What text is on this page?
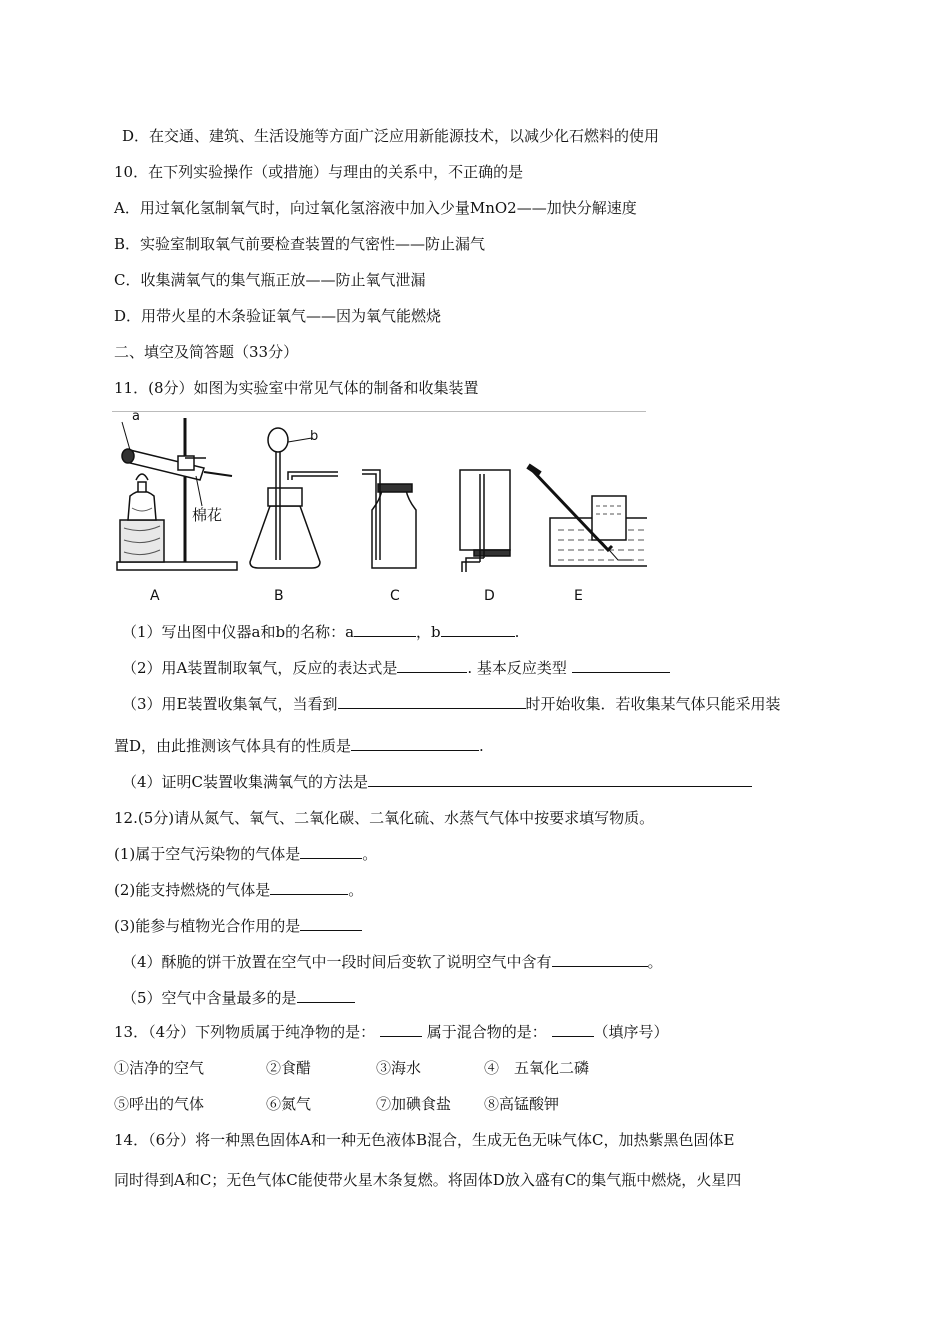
D．在交通、建筑、生活设施等方面广泛应用新能源技术，以减少化石燃料的使用
10．在下列实验操作（或措施）与理由的关系中，不正确的是
A．用过氧化氢制氧气时，向过氧化氢溶液中加入少量MnO2——加快分解速度
B．实验室制取氧气前要检查装置的气密性——防止漏气
C．收集满氧气的集气瓶正放——防止氧气泄漏
D．用带火星的木条验证氧气——因为氧气能燃烧
二、填空及简答题（33分）
11．(8分）如图为实验室中常见气体的制备和收集装置
a
b
棉花
A	B	C	D	E
（1）写出图中仪器a和b的名称：a	，b	.
（2）用A装置制取氧气，反应的表达式是	. 基本反应类型
（3）用E装置收集氧气，当看到	时开始收集．若收集某气体只能采用装
置D，由此推测该气体具有的性质是	.
（4）证明C装置收集满氧气的方法是
12.(5分)请从氮气、氧气、二氧化碳、二氧化硫、水蒸气气体中按要求填写物质。
(1)属于空气污染物的气体是	。
(2)能支持燃烧的气体是	。
(3)能参与植物光合作用的是
（4）酥脆的饼干放置在空气中一段时间后变软了说明空气中含有	。
（5）空气中含量最多的是
13．（4分）下列物质属于纯净物的是：	属于混合物的是：	（填序号）
①洁净的空气	②食醋	③海水	④　五氧化二磷
⑤呼出的气体	⑥氮气	⑦加碘食盐 ⑧高锰酸钾
14．（6分）将一种黑色固体A和一种无色液体B混合，生成无色无味气体C，加热紫黑色固体E
同时得到A和C；无色气体C能使带火星木条复燃。将固体D放入盛有C的集气瓶中燃烧，火星四
